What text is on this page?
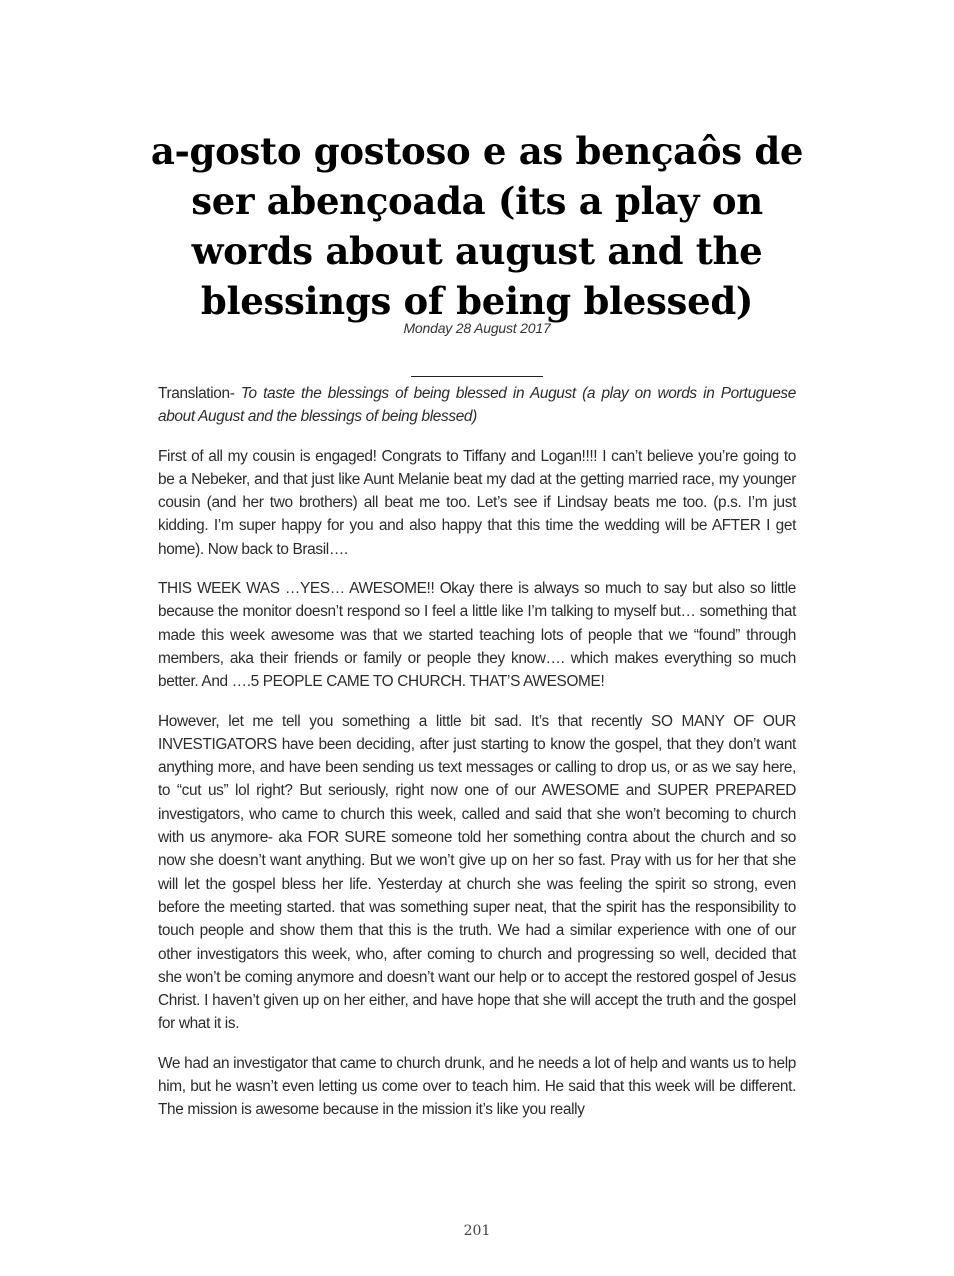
a-gosto gostoso e as bençaôs de ser abençoada (its a play on words about august and the blessings of being blessed)
Monday 28 August 2017

Translation- To taste the blessings of being blessed in August (a play on words in Portuguese about August and the blessings of being blessed)

First of all my cousin is engaged! Congrats to Tiffany and Logan!!!! I can’t believe you’re going to be a Nebeker, and that just like Aunt Melanie beat my dad at the getting married race, my younger cousin (and her two brothers) all beat me too. Let’s see if Lindsay beats me too. (p.s. I’m just kidding. I’m super happy for you and also happy that this time the wedding will be AFTER I get home). Now back to Brasil….

THIS WEEK WAS …YES… AWESOME!! Okay there is always so much to say but also so little because the monitor doesn’t respond so I feel a little like I’m talking to myself but… something that made this week awesome was that we started teaching lots of people that we “found” through members, aka their friends or family or people they know…. which makes everything so much better. And ….5 PEOPLE CAME TO CHURCH. THAT’S AWESOME!

However, let me tell you something a little bit sad. It’s that recently SO MANY OF OUR INVESTIGATORS have been deciding, after just starting to know the gospel, that they don’t want anything more, and have been sending us text messages or calling to drop us, or as we say here, to “cut us” lol right? But seriously, right now one of our AWESOME and SUPER PREPARED investigators, who came to church this week, called and said that she won’t becoming to church with us anymore- aka FOR SURE someone told her something contra about the church and so now she doesn’t want anything. But we won’t give up on her so fast. Pray with us for her that she will let the gospel bless her life. Yesterday at church she was feeling the spirit so strong, even before the meeting started. that was something super neat, that the spirit has the responsibility to touch people and show them that this is the truth. We had a similar experience with one of our other investigators this week, who, after coming to church and progressing so well, decided that she won’t be coming anymore and doesn’t want our help or to accept the restored gospel of Jesus Christ. I haven’t given up on her either, and have hope that she will accept the truth and the gospel for what it is.

We had an investigator that came to church drunk, and he needs a lot of help and wants us to help him, but he wasn’t even letting us come over to teach him. He said that this week will be different. The mission is awesome because in the mission it’s like you really

201
